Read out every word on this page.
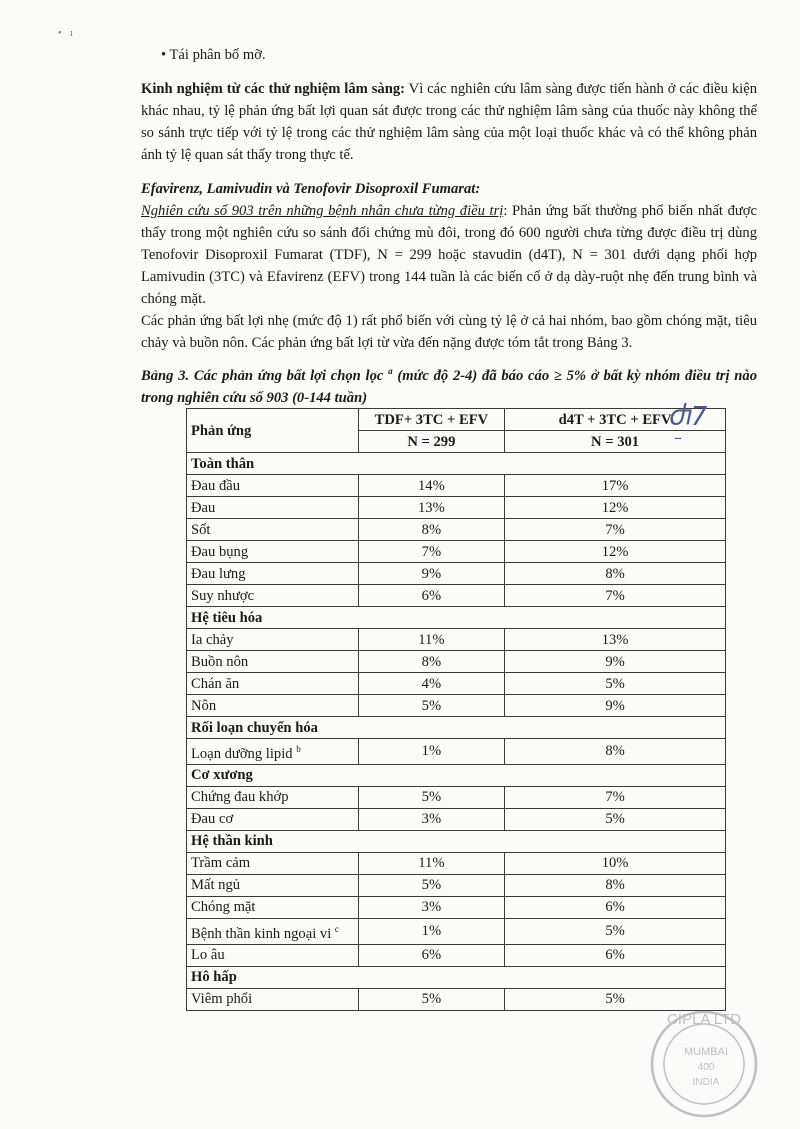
• ı
• Tái phân bố mỡ.

Kinh nghiệm từ các thử nghiệm lâm sàng: Vì các nghiên cứu lâm sàng được tiến hành ở các điều kiện khác nhau, tỷ lệ phản ứng bất lợi quan sát được trong các thử nghiệm lâm sàng của thuốc này không thể so sánh trực tiếp với tỷ lệ trong các thử nghiệm lâm sàng của một loại thuốc khác và có thể không phản ánh tỷ lệ quan sát thấy trong thực tế.

Efavirenz, Lamivudin và Tenofovir Disoproxil Fumarat:

Nghiên cứu số 903 trên những bệnh nhân chưa từng điều trị: Phản ứng bất thường phổ biến nhất được thấy trong một nghiên cứu so sánh đối chứng mù đôi, trong đó 600 người chưa từng được điều trị dùng Tenofovir Disoproxil Fumarat (TDF), N = 299 hoặc stavudin (d4T), N = 301 dưới dạng phối hợp Lamivudin (3TC) và Efavirenz (EFV) trong 144 tuần là các biến cố ở dạ dày-ruột nhẹ đến trung bình và chóng mặt.

Các phản ứng bất lợi nhẹ (mức độ 1) rất phổ biến với cùng tỷ lệ ở cả hai nhóm, bao gồm chóng mặt, tiêu chảy và buồn nôn. Các phản ứng bất lợi từ vừa đến nặng được tóm tắt trong Bảng 3.

Bảng 3. Các phản ứng bất lợi chọn lọc $^a$ (mức độ 2-4) đã báo cáo ≥ 5% ở bất kỳ nhóm điều trị nào trong nghiên cứu số 903 (0-144 tuần)

Phản ứng	TDF+ 3TC + EFV	d4T + 3TC + EFV
	N = 299	N = 301
Toàn thân		
Đau đầu	14%	17%
Đau	13%	12%
Sốt	8%	7%
Đau bụng	7%	12%
Đau lưng	9%	8%
Suy nhược	6%	7%
Hệ tiêu hóa		
Ia chảy	11%	13%
Buồn nôn	8%	9%
Chán ăn	4%	5%
Nôn	5%	9%
Rối loạn chuyển hóa		
Loạn dưỡng lipid $^b$	1%	8%
Cơ xương		
Chứng đau khớp	5%	7%
Đau cơ	3%	5%
Hệ thần kinh		
Trầm cảm	11%	10%
Mất ngủ	5%	8%
Chóng mặt	3%	6%
Bệnh thần kinh ngoại vi $^c$	1%	5%
Lo âu	6%	6%
Hô hấp		
Viêm phổi	5%	5%
Ⴛ7
–
CIPLA LTD
MUMBAI
400
INDIA
